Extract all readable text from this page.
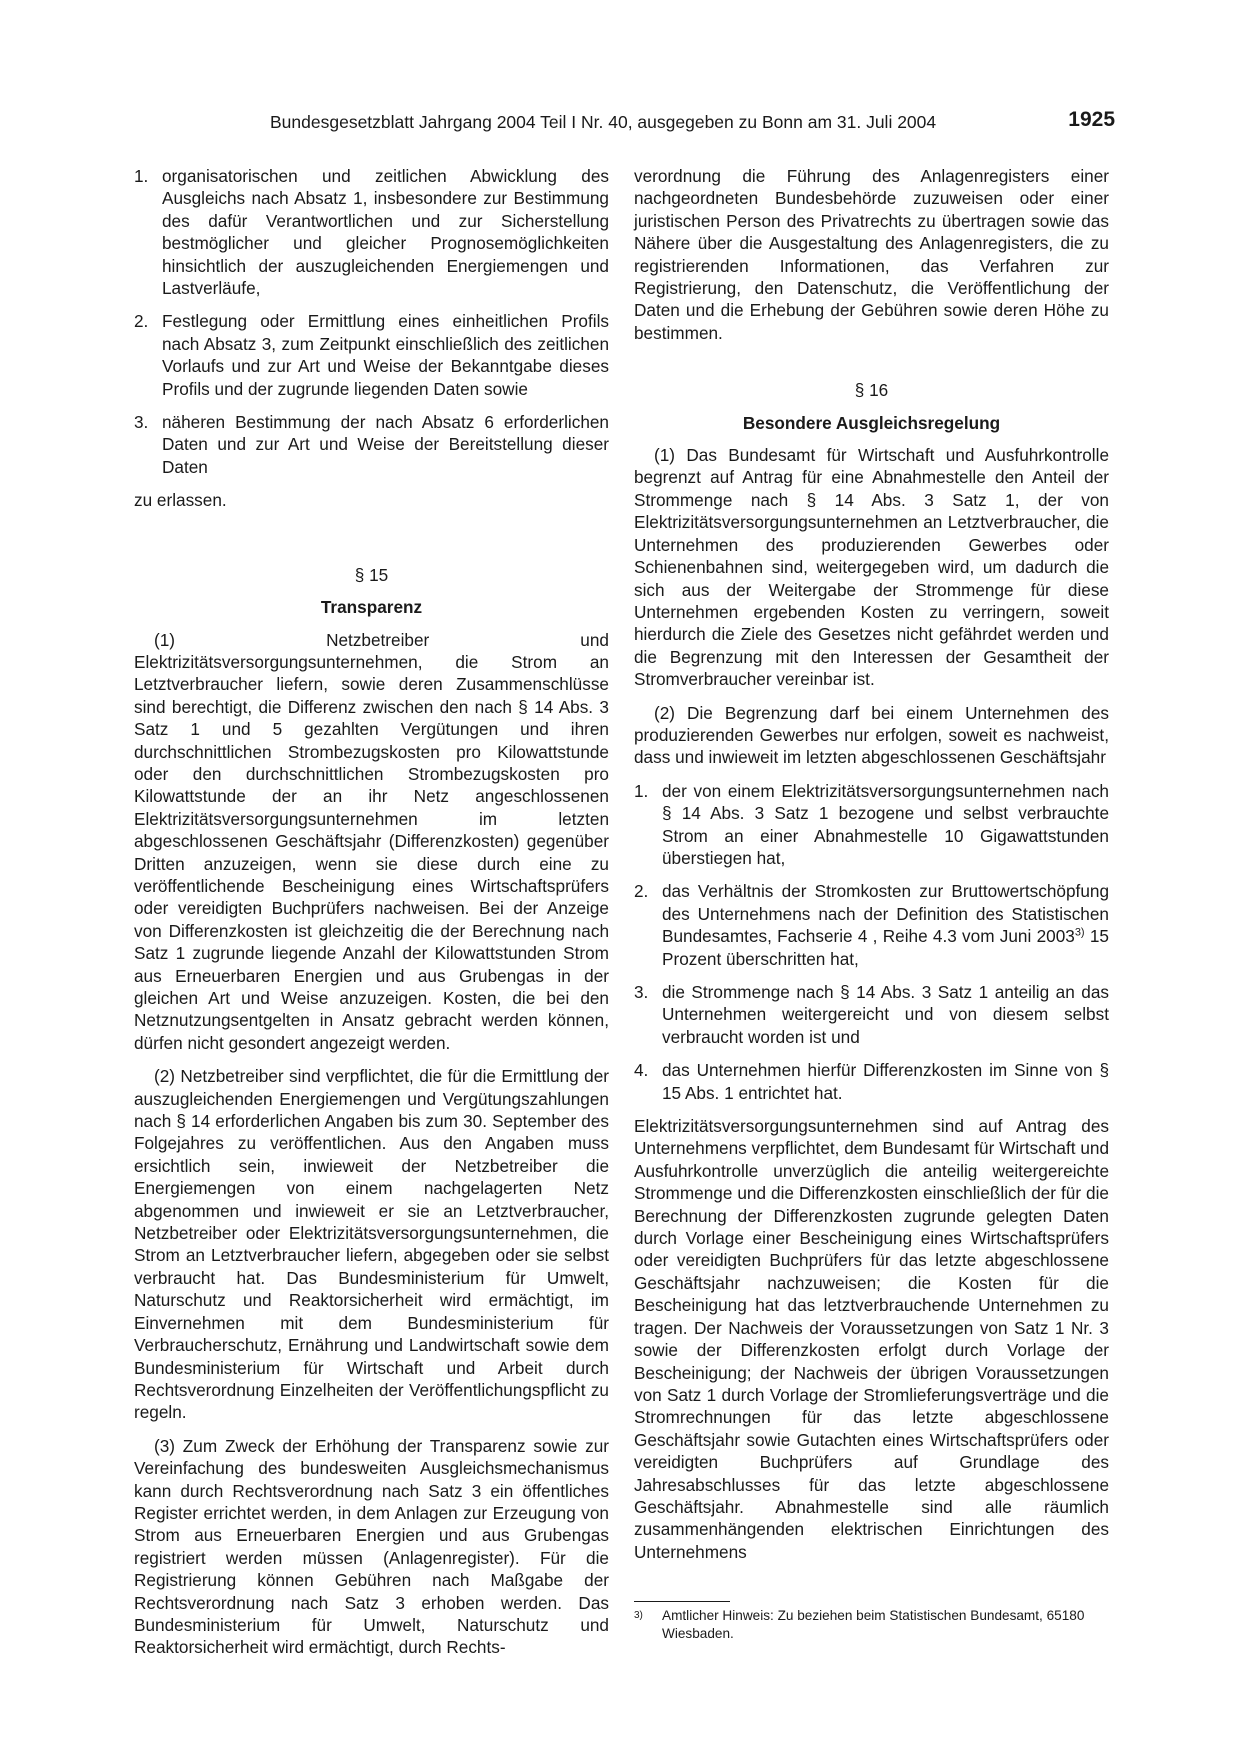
Bundesgesetzblatt Jahrgang 2004 Teil I Nr. 40, ausgegeben zu Bonn am 31. Juli 2004	1925
1. organisatorischen und zeitlichen Abwicklung des Ausgleichs nach Absatz 1, insbesondere zur Bestimmung des dafür Verantwortlichen und zur Sicherstellung bestmöglicher und gleicher Prognosemöglichkeiten hinsichtlich der auszugleichenden Energiemengen und Lastverläufe,
2. Festlegung oder Ermittlung eines einheitlichen Profils nach Absatz 3, zum Zeitpunkt einschließlich des zeitlichen Vorlaufs und zur Art und Weise der Bekanntgabe dieses Profils und der zugrunde liegenden Daten sowie
3. näheren Bestimmung der nach Absatz 6 erforderlichen Daten und zur Art und Weise der Bereitstellung dieser Daten

zu erlassen.

§ 15
Transparenz

(1) Netzbetreiber und Elektrizitätsversorgungsunternehmen, die Strom an Letztverbraucher liefern, sowie deren Zusammenschlüsse sind berechtigt, die Differenz zwischen den nach § 14 Abs. 3 Satz 1 und 5 gezahlten Vergütungen und ihren durchschnittlichen Strombezugskosten pro Kilowattstunde oder den durchschnittlichen Strombezugskosten pro Kilowattstunde der an ihr Netz angeschlossenen Elektrizitätsversorgungsunternehmen im letzten abgeschlossenen Geschäftsjahr (Differenzkosten) gegenüber Dritten anzuzeigen, wenn sie diese durch eine zu veröffentlichende Bescheinigung eines Wirtschaftsprüfers oder vereidigten Buchprüfers nachweisen. Bei der Anzeige von Differenzkosten ist gleichzeitig die der Berechnung nach Satz 1 zugrunde liegende Anzahl der Kilowattstunden Strom aus Erneuerbaren Energien und aus Grubengas in der gleichen Art und Weise anzuzeigen. Kosten, die bei den Netznutzungsentgelten in Ansatz gebracht werden können, dürfen nicht gesondert angezeigt werden.

(2) Netzbetreiber sind verpflichtet, die für die Ermittlung der auszugleichenden Energiemengen und Vergütungszahlungen nach § 14 erforderlichen Angaben bis zum 30. September des Folgejahres zu veröffentlichen. Aus den Angaben muss ersichtlich sein, inwieweit der Netzbetreiber die Energiemengen von einem nachgelagerten Netz abgenommen und inwieweit er sie an Letztverbraucher, Netzbetreiber oder Elektrizitätsversorgungsunternehmen, die Strom an Letztverbraucher liefern, abgegeben oder sie selbst verbraucht hat. Das Bundesministerium für Umwelt, Naturschutz und Reaktorsicherheit wird ermächtigt, im Einvernehmen mit dem Bundesministerium für Verbraucherschutz, Ernährung und Landwirtschaft sowie dem Bundesministerium für Wirtschaft und Arbeit durch Rechtsverordnung Einzelheiten der Veröffentlichungspflicht zu regeln.

(3) Zum Zweck der Erhöhung der Transparenz sowie zur Vereinfachung des bundesweiten Ausgleichsmechanismus kann durch Rechtsverordnung nach Satz 3 ein öffentliches Register errichtet werden, in dem Anlagen zur Erzeugung von Strom aus Erneuerbaren Energien und aus Grubengas registriert werden müssen (Anlagenregister). Für die Registrierung können Gebühren nach Maßgabe der Rechtsverordnung nach Satz 3 erhoben werden. Das Bundesministerium für Umwelt, Naturschutz und Reaktorsicherheit wird ermächtigt, durch Rechts-

verordnung die Führung des Anlagenregisters einer nachgeordneten Bundesbehörde zuzuweisen oder einer juristischen Person des Privatrechts zu übertragen sowie das Nähere über die Ausgestaltung des Anlagenregisters, die zu registrierenden Informationen, das Verfahren zur Registrierung, den Datenschutz, die Veröffentlichung der Daten und die Erhebung der Gebühren sowie deren Höhe zu bestimmen.

§ 16
Besondere Ausgleichsregelung

(1) Das Bundesamt für Wirtschaft und Ausfuhrkontrolle begrenzt auf Antrag für eine Abnahmestelle den Anteil der Strommenge nach § 14 Abs. 3 Satz 1, der von Elektrizitätsversorgungsunternehmen an Letztverbraucher, die Unternehmen des produzierenden Gewerbes oder Schienenbahnen sind, weitergegeben wird, um dadurch die sich aus der Weitergabe der Strommenge für diese Unternehmen ergebenden Kosten zu verringern, soweit hierdurch die Ziele des Gesetzes nicht gefährdet werden und die Begrenzung mit den Interessen der Gesamtheit der Stromverbraucher vereinbar ist.

(2) Die Begrenzung darf bei einem Unternehmen des produzierenden Gewerbes nur erfolgen, soweit es nachweist, dass und inwieweit im letzten abgeschlossenen Geschäftsjahr

1. der von einem Elektrizitätsversorgungsunternehmen nach § 14 Abs. 3 Satz 1 bezogene und selbst verbrauchte Strom an einer Abnahmestelle 10 Gigawattstunden überstiegen hat,
2. das Verhältnis der Stromkosten zur Bruttowertschöpfung des Unternehmens nach der Definition des Statistischen Bundesamtes, Fachserie 4 , Reihe 4.3 vom Juni 2003$^{3)}$ 15 Prozent überschritten hat,
3. die Strommenge nach § 14 Abs. 3 Satz 1 anteilig an das Unternehmen weitergereicht und von diesem selbst verbraucht worden ist und
4. das Unternehmen hierfür Differenzkosten im Sinne von § 15 Abs. 1 entrichtet hat.

Elektrizitätsversorgungsunternehmen sind auf Antrag des Unternehmens verpflichtet, dem Bundesamt für Wirtschaft und Ausfuhrkontrolle unverzüglich die anteilig weitergereichte Strommenge und die Differenzkosten einschließlich der für die Berechnung der Differenzkosten zugrunde gelegten Daten durch Vorlage einer Bescheinigung eines Wirtschaftsprüfers oder vereidigten Buchprüfers für das letzte abgeschlossene Geschäftsjahr nachzuweisen; die Kosten für die Bescheinigung hat das letztverbrauchende Unternehmen zu tragen. Der Nachweis der Voraussetzungen von Satz 1 Nr. 3 sowie der Differenzkosten erfolgt durch Vorlage der Bescheinigung; der Nachweis der übrigen Voraussetzungen von Satz 1 durch Vorlage der Stromlieferungsverträge und die Stromrechnungen für das letzte abgeschlossene Geschäftsjahr sowie Gutachten eines Wirtschaftsprüfers oder vereidigten Buchprüfers auf Grundlage des Jahresabschlusses für das letzte abgeschlossene Geschäftsjahr. Abnahmestelle sind alle räumlich zusammenhängenden elektrischen Einrichtungen des Unternehmens

3)	Amtlicher Hinweis: Zu beziehen beim Statistischen Bundesamt, 65180 Wiesbaden.
